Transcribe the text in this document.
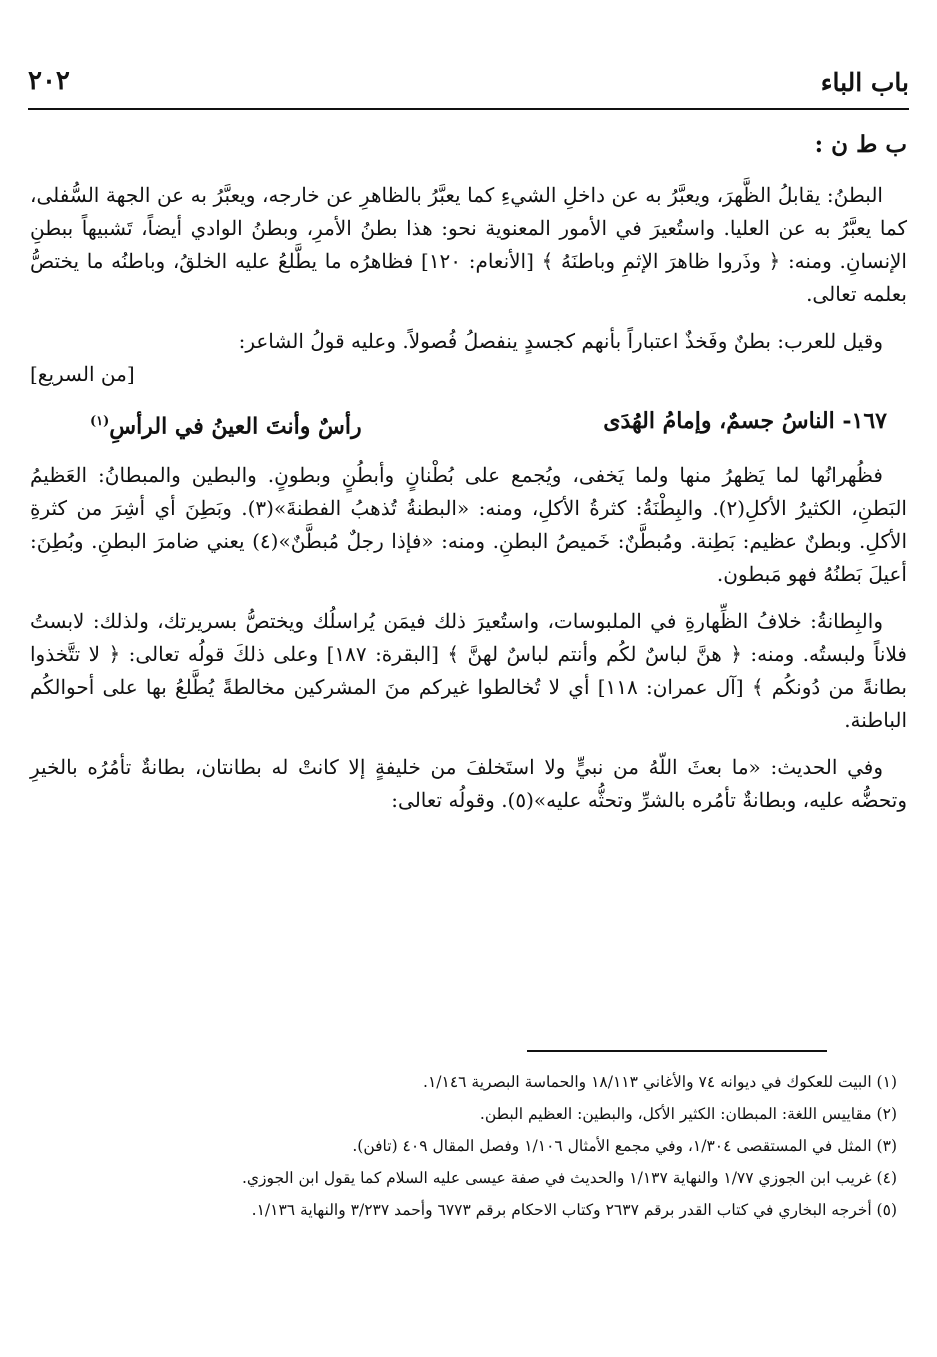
باب الباء
٢٠٢
ب ط ن :

البطنُ: يقابلُ الظَّهرَ، ويعبَّرُ به عن داخلِ الشيءِ كما يعبَّرُ بالظاهرِ عن خارجه، ويعبَّرُ به عن الجهة السُّفلى، كما يعبَّرُ به عن العليا. واستُعيرَ في الأمور المعنوية نحو: هذا بطنُ الأمرِ، وبطنُ الوادي أيضاً، تَشبيهاً ببطنِ الإنسانِ. ومنه: ﴿ وذَروا ظاهرَ الإثمِ وباطنَهُ ﴾ [الأنعام: ١٢٠] فظاهرُه ما يطَّلعُ عليه الخلقُ، وباطنُه ما يختصُّ بعلمه تعالى.

وقيل للعرب: بطنٌ وفَخذٌ اعتباراً بأنهم كجسدٍ ينفصلُ فُصولاً. وعليه قولُ الشاعر:

[من السريع]

١٦٧- الناسُ جسمٌ، وإمامُ الهُدَى
رأسٌ وأنتَ العينُ في الرأسِ$^{(١)}$

فظُهرانُها لما يَظهرُ منها ولما يَخفى، ويُجمع على بُطْنانٍ وأبطُنٍ وبطونٍ. والبطين والمبطانُ: العَظيمُ البَطنِ، الكثيرُ الأكلِ(٢). والبِطْنَةُ: كثرةُ الأكلِ، ومنه: «البطنةُ تُذهبُ الفطنةَ»(٣). وبَطِنَ أي أشِرَ من كثرةِ الأكلِ. وبطنٌ عظيم: بَطِنة. ومُبطَّنٌ: خَميصُ البطنِ. ومنه: «فإذا رجلٌ مُبطَّنٌ»(٤) يعني ضامرَ البطنِ. وبُطِنَ: أعيلَ بَطنُهُ فهو مَبطون.

والبِطانةُ: خلافُ الظِّهارةِ في الملبوسات، واستُعيرَ ذلك فيمَن يُراسلُك ويختصُّ بسريرتك، ولذلك: لابستُ فلاناً ولبستُه. ومنه: ﴿ هنَّ لباسٌ لكُم وأنتم لباسٌ لهنَّ ﴾ [البقرة: ١٨٧] وعلى ذلكَ قولُه تعالى: ﴿ لا تتَّخذوا بطانةً من دُونكُم ﴾ [آل عمران: ١١٨] أي لا تُخالطوا غيركم منَ المشركين مخالطةً يُطَّلعُ بها على أحوالكُم الباطنة.

وفي الحديث: «ما بعثَ اللّهُ من نبيٍّ ولا استَخلفَ من خليفةٍ إلا كانتْ له بطانتان، بطانةٌ تأمُرُه بالخيرِ وتحضُّه عليه، وبطانةٌ تأمُره بالشرِّ وتحثُّه عليه»(٥). وقولُه تعالى:

(١) البيت للعكوك في ديوانه ٧٤ والأغاني ١٨/١١٣ والحماسة البصرية ١/١٤٦.
(٢) مقاييس اللغة: المبطان: الكثير الأكل، والبطين: العظيم البطن.
(٣) المثل في المستقصى ١/٣٠٤، وفي مجمع الأمثال ١/١٠٦ وفصل المقال ٤٠٩ (تافن).
(٤) غريب ابن الجوزي ١/٧٧ والنهاية ١/١٣٧ والحديث في صفة عيسى عليه السلام كما يقول ابن الجوزي.
(٥) أخرجه البخاري في كتاب القدر برقم ٢٦٣٧ وكتاب الاحكام برقم ٦٧٧٣ وأحمد ٣/٢٣٧ والنهاية ١/١٣٦.
